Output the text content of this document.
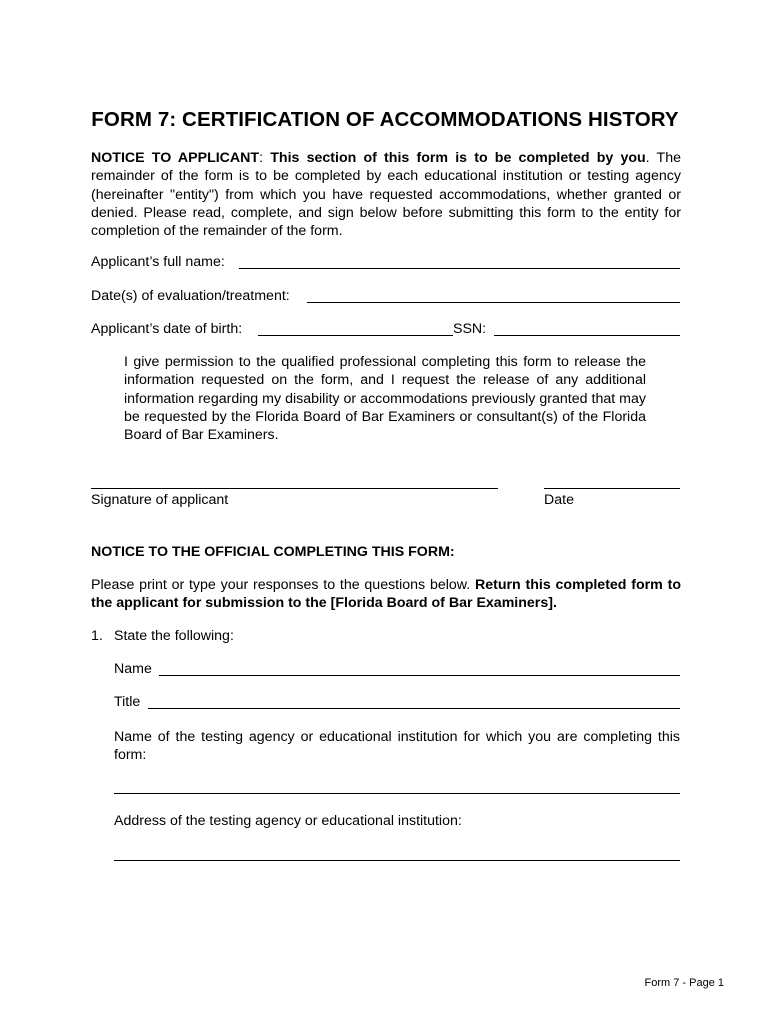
FORM 7: CERTIFICATION OF ACCOMMODATIONS HISTORY
NOTICE TO APPLICANT: This section of this form is to be completed by you. The remainder of the form is to be completed by each educational institution or testing agency (hereinafter "entity") from which you have requested accommodations, whether granted or denied. Please read, complete, and sign below before submitting this form to the entity for completion of the remainder of the form.
Applicant’s full name:
Date(s) of evaluation/treatment:
Applicant’s date of birth:	SSN:
I give permission to the qualified professional completing this form to release the information requested on the form, and I request the release of any additional information regarding my disability or accommodations previously granted that may be requested by the Florida Board of Bar Examiners or consultant(s) of the Florida Board of Bar Examiners.
Signature of applicant	Date
NOTICE TO THE OFFICIAL COMPLETING THIS FORM:
Please print or type your responses to the questions below. Return this completed form to the applicant for submission to the [Florida Board of Bar Examiners].
1. State the following:
Name
Title
Name of the testing agency or educational institution for which you are completing this form:
Address of the testing agency or educational institution:
Form 7 - Page 1
